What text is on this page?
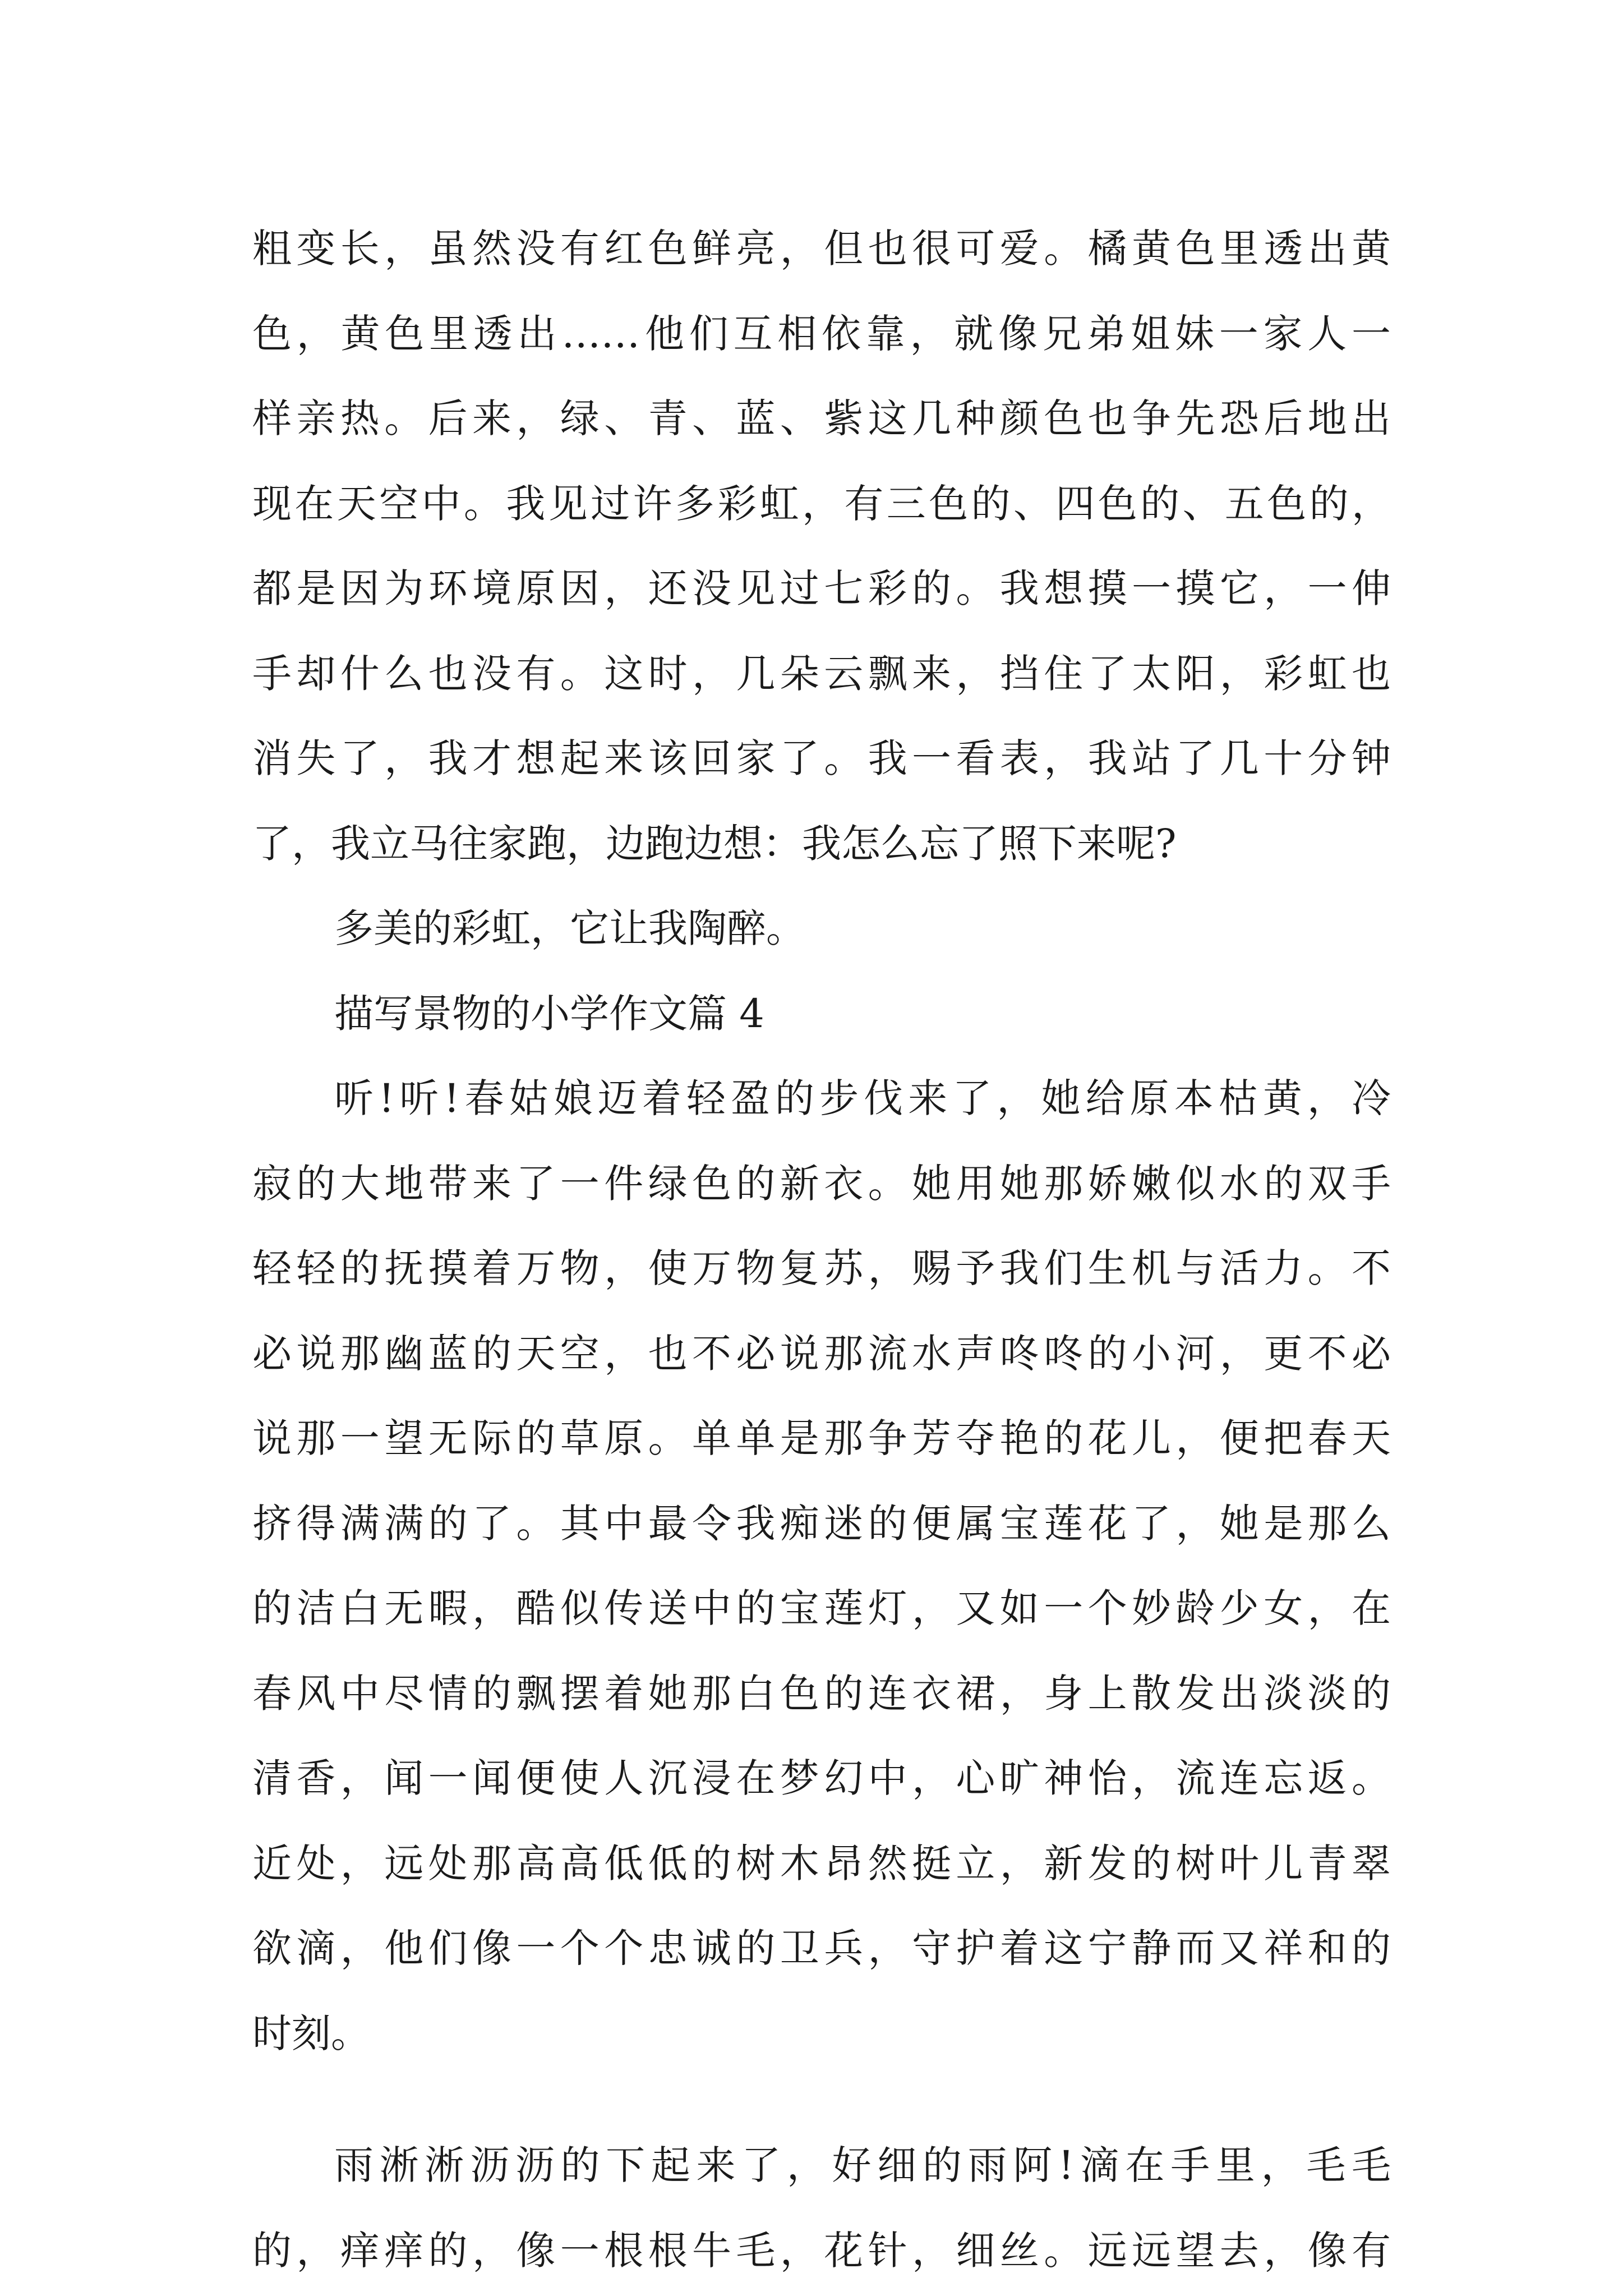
粗变长，虽然没有红色鲜亮，但也很可爱。橘黄色里透出黄
色，黄色里透出……他们互相依靠，就像兄弟姐妹一家人一
样亲热。后来，绿、青、蓝、紫这几种颜色也争先恐后地出
现在天空中。我见过许多彩虹，有三色的、四色的、五色的，
都是因为环境原因，还没见过七彩的。我想摸一摸它，一伸
手却什么也没有。这时，几朵云飘来，挡住了太阳，彩虹也
消失了，我才想起来该回家了。我一看表，我站了几十分钟
了，我立马往家跑，边跑边想：我怎么忘了照下来呢?
多美的彩虹，它让我陶醉。
描写景物的小学作文篇 4
听!听!春姑娘迈着轻盈的步伐来了，她给原本枯黄，冷
寂的大地带来了一件绿色的新衣。她用她那娇嫩似水的双手
轻轻的抚摸着万物，使万物复苏，赐予我们生机与活力。不
必说那幽蓝的天空，也不必说那流水声咚咚的小河，更不必
说那一望无际的草原。单单是那争芳夺艳的花儿，便把春天
挤得满满的了。其中最令我痴迷的便属宝莲花了，她是那么
的洁白无暇，酷似传送中的宝莲灯，又如一个妙龄少女，在
春风中尽情的飘摆着她那白色的连衣裙，身上散发出淡淡的
清香，闻一闻便使人沉浸在梦幻中，心旷神怡，流连忘返。
近处，远处那高高低低的树木昂然挺立，新发的树叶儿青翠
欲滴，他们像一个个忠诚的卫兵，守护着这宁静而又祥和的
时刻。
雨淅淅沥沥的下起来了，好细的雨阿!滴在手里，毛毛
的，痒痒的，像一根根牛毛，花针，细丝。远远望去，像有
